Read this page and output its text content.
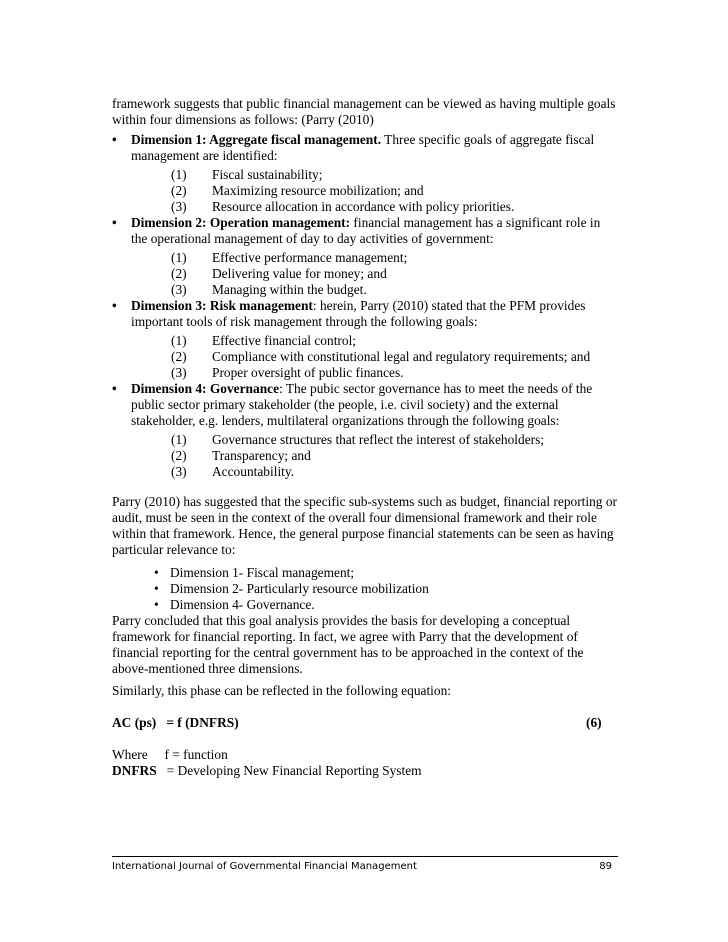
framework suggests that public financial management can be viewed as having multiple goals within four dimensions as follows: (Parry (2010)

• Dimension 1: Aggregate fiscal management. Three specific goals of aggregate fiscal management are identified:

(1) Fiscal sustainability;
(2) Maximizing resource mobilization; and
(3) Resource allocation in accordance with policy priorities.
• Dimension 2: Operation management: financial management has a significant role in the operational management of day to day activities of government:

(1) Effective performance management;
(2) Delivering value for money; and
(3) Managing within the budget.
• Dimension 3: Risk management: herein, Parry (2010) stated that the PFM provides important tools of risk management through the following goals:

(1) Effective financial control;
(2) Compliance with constitutional legal and regulatory requirements; and
(3) Proper oversight of public finances.
• Dimension 4: Governance: The pubic sector governance has to meet the needs of the public sector primary stakeholder (the people, i.e. civil society) and the external stakeholder, e.g. lenders, multilateral organizations through the following goals:

(1) Governance structures that reflect the interest of stakeholders;
(2) Transparency; and
(3) Accountability.

Parry (2010) has suggested that the specific sub-systems such as budget, financial reporting or audit, must be seen in the context of the overall four dimensional framework and their role within that framework. Hence, the general purpose financial statements can be seen as having particular relevance to:

• Dimension 1- Fiscal management;
• Dimension 2- Particularly resource mobilization
• Dimension 4- Governance.

Parry concluded that this goal analysis provides the basis for developing a conceptual framework for financial reporting. In fact, we agree with Parry that the development of financial reporting for the central government has to be approached in the context of the above-mentioned three dimensions.

Similarly, this phase can be reflected in the following equation:

AC (ps) = f (DNFRS)	(6)
Where f = function
DNFRS = Developing New Financial Reporting System
International Journal of Governmental Financial Management	89
